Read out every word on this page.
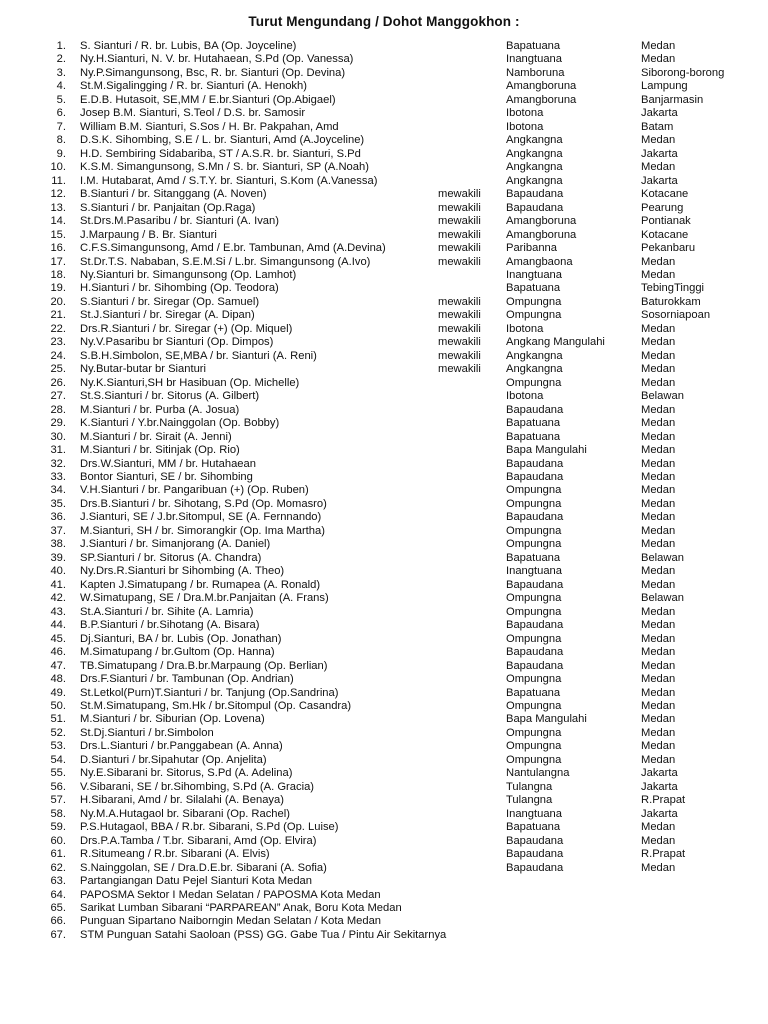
Turut Mengundang / Dohot Manggokhon :
1. S. Sianturi / R. br. Lubis, BA (Op. Joyceline)	Bapatuana	Medan
2. Ny.H.Sianturi, N. V. br. Hutahaean, S.Pd (Op. Vanessa)	Inangtuana	Medan
3. Ny.P.Simangunsong, Bsc, R. br. Sianturi (Op. Devina)	Namboruna	Siborong-borong
4. St.M.Sigalingging / R. br. Sianturi (A. Henokh)	Amangboruna	Lampung
5. E.D.B. Hutasoit, SE,MM / E.br.Sianturi (Op.Abigael)	Amangboruna	Banjarmasin
6. Josep B.M. Sianturi, S.Teol / D.S. br. Samosir	Ibotona	Jakarta
7. William B.M. Sianturi, S.Sos / H. Br. Pakpahan, Amd	Ibotona	Batam
8. D.S.K. Sihombing, S.E / L. br. Sianturi, Amd (A.Joyceline)	Angkangna	Medan
9. H.D. Sembiring Sidabariba, ST / A.S.R. br. Sianturi, S.Pd	Angkangna	Jakarta
10. K.S.M. Simangunsong, S.Mn / S. br. Sianturi, SP (A.Noah)	Angkangna	Medan
11. I.M. Hutabarat, Amd / S.T.Y. br. Sianturi, S.Kom (A.Vanessa)	Angkangna	Jakarta
12. B.Sianturi / br. Sitanggang (A. Noven)	mewakili Bapaudana	Kotacane
13. S.Sianturi / br. Panjaitan (Op.Raga)	mewakili Bapaudana	Pearung
14. St.Drs.M.Pasaribu / br. Sianturi (A. Ivan)	mewakili Amangboruna	Pontianak
15. J.Marpaung / B. Br. Sianturi	mewakili Amangboruna	Kotacane
16. C.F.S.Simangunsong, Amd / E.br. Tambunan, Amd (A.Devina)	mewakili Paribanna	Pekanbaru
17. St.Dr.T.S. Nababan, S.E.M.Si / L.br. Simangunsong (A.Ivo)	mewakili Amangbaona	Medan
18. Ny.Sianturi br. Simangunsong (Op. Lamhot)	Inangtuana	Medan
19. H.Sianturi / br. Sihombing (Op. Teodora)	Bapatuana	TebingTinggi
20. S.Sianturi / br. Siregar (Op. Samuel)	mewakili Ompungna	Baturokkam
21. St.J.Sianturi / br. Siregar (A. Dipan)	mewakili Ompungna	Sosorniapoan
22. Drs.R.Sianturi / br. Siregar (+) (Op. Miquel)	mewakili Ibotona	Medan
23. Ny.V.Pasaribu br Sianturi (Op. Dimpos)	mewakili Angkang Mangulahi	Medan
24. S.B.H.Simbolon, SE,MBA / br. Sianturi (A. Reni)	mewakili Angkangna	Medan
25. Ny.Butar-butar br Sianturi	mewakili Angkangna	Medan
26. Ny.K.Sianturi,SH br Hasibuan (Op. Michelle)	Ompungna	Medan
27. St.S.Sianturi / br. Sitorus (A. Gilbert)	Ibotona	Belawan
28. M.Sianturi / br. Purba (A. Josua)	Bapaudana	Medan
29. K.Sianturi / Y.br.Nainggolan (Op. Bobby)	Bapatuana	Medan
30. M.Sianturi / br. Sirait (A. Jenni)	Bapatuana	Medan
31. M.Sianturi / br. Sitinjak (Op. Rio)	Bapa Mangulahi	Medan
32. Drs.W.Sianturi, MM / br. Hutahaean	Bapaudana	Medan
33. Bontor Sianturi, SE / br. Sihombing	Bapaudana	Medan
34. V.H.Sianturi / br. Pangaribuan (+) (Op. Ruben)	Ompungna	Medan
35. Drs.B.Sianturi / br. Sihotang, S.Pd (Op. Momasro)	Ompungna	Medan
36. J.Sianturi, SE / J.br.Sitompul, SE (A. Fernnando)	Bapaudana	Medan
37. M.Sianturi, SH / br. Simorangkir (Op. Ima Martha)	Ompungna	Medan
38. J.Sianturi / br. Simanjorang (A. Daniel)	Ompungna	Medan
39. SP.Sianturi / br. Sitorus (A. Chandra)	Bapatuana	Belawan
40. Ny.Drs.R.Sianturi br Sihombing (A. Theo)	Inangtuana	Medan
41. Kapten J.Simatupang / br. Rumapea (A. Ronald)	Bapaudana	Medan
42. W.Simatupang, SE / Dra.M.br.Panjaitan (A. Frans)	Ompungna	Belawan
43. St.A.Sianturi / br. Sihite (A. Lamria)	Ompungna	Medan
44. B.P.Sianturi / br.Sihotang (A. Bisara)	Bapaudana	Medan
45. Dj.Sianturi, BA / br. Lubis (Op. Jonathan)	Ompungna	Medan
46. M.Simatupang / br.Gultom (Op. Hanna)	Bapaudana	Medan
47. TB.Simatupang / Dra.B.br.Marpaung (Op. Berlian)	Bapaudana	Medan
48. Drs.F.Sianturi / br. Tambunan (Op. Andrian)	Ompungna	Medan
49. St.Letkol(Purn)T.Sianturi / br. Tanjung (Op.Sandrina)	Bapatuana	Medan
50. St.M.Simatupang, Sm.Hk / br.Sitompul (Op. Casandra)	Ompungna	Medan
51. M.Sianturi / br. Siburian (Op. Lovena)	Bapa Mangulahi	Medan
52. St.Dj.Sianturi / br.Simbolon	Ompungna	Medan
53. Drs.L.Sianturi / br.Panggabean (A. Anna)	Ompungna	Medan
54. D.Sianturi / br.Sipahutar (Op. Anjelita)	Ompungna	Medan
55. Ny.E.Sibarani br. Sitorus, S.Pd (A. Adelina)	Nantulangna	Jakarta
56. V.Sibarani, SE / br.Sihombing, S.Pd (A. Gracia)	Tulangna	Jakarta
57. H.Sibarani, Amd / br. Silalahi (A. Benaya)	Tulangna	R.Prapat
58. Ny.M.A.Hutagaol br. Sibarani (Op. Rachel)	Inangtuana	Jakarta
59. P.S.Hutagaol, BBA / R.br. Sibarani, S.Pd (Op. Luise)	Bapatuana	Medan
60. Drs.P.A.Tamba / T.br. Sibarani, Amd (Op. Elvira)	Bapaudana	Medan
61. R.Situmeang / R.br. Sibarani (A. Elvis)	Bapaudana	R.Prapat
62. S.Nainggolan, SE / Dra.D.E.br. Sibarani (A. Sofia)	Bapaudana	Medan
63. Partangiangan Datu Pejel Sianturi Kota Medan
64. PAPOSMA Sektor I Medan Selatan / PAPOSMA Kota Medan
65. Sarikat Lumban Sibarani “PARPAREAN” Anak, Boru Kota Medan
66. Punguan Sipartano Naiborngin Medan Selatan / Kota Medan
67. STM Punguan Satahi Saoloan (PSS) GG. Gabe Tua / Pintu Air Sekitarnya
